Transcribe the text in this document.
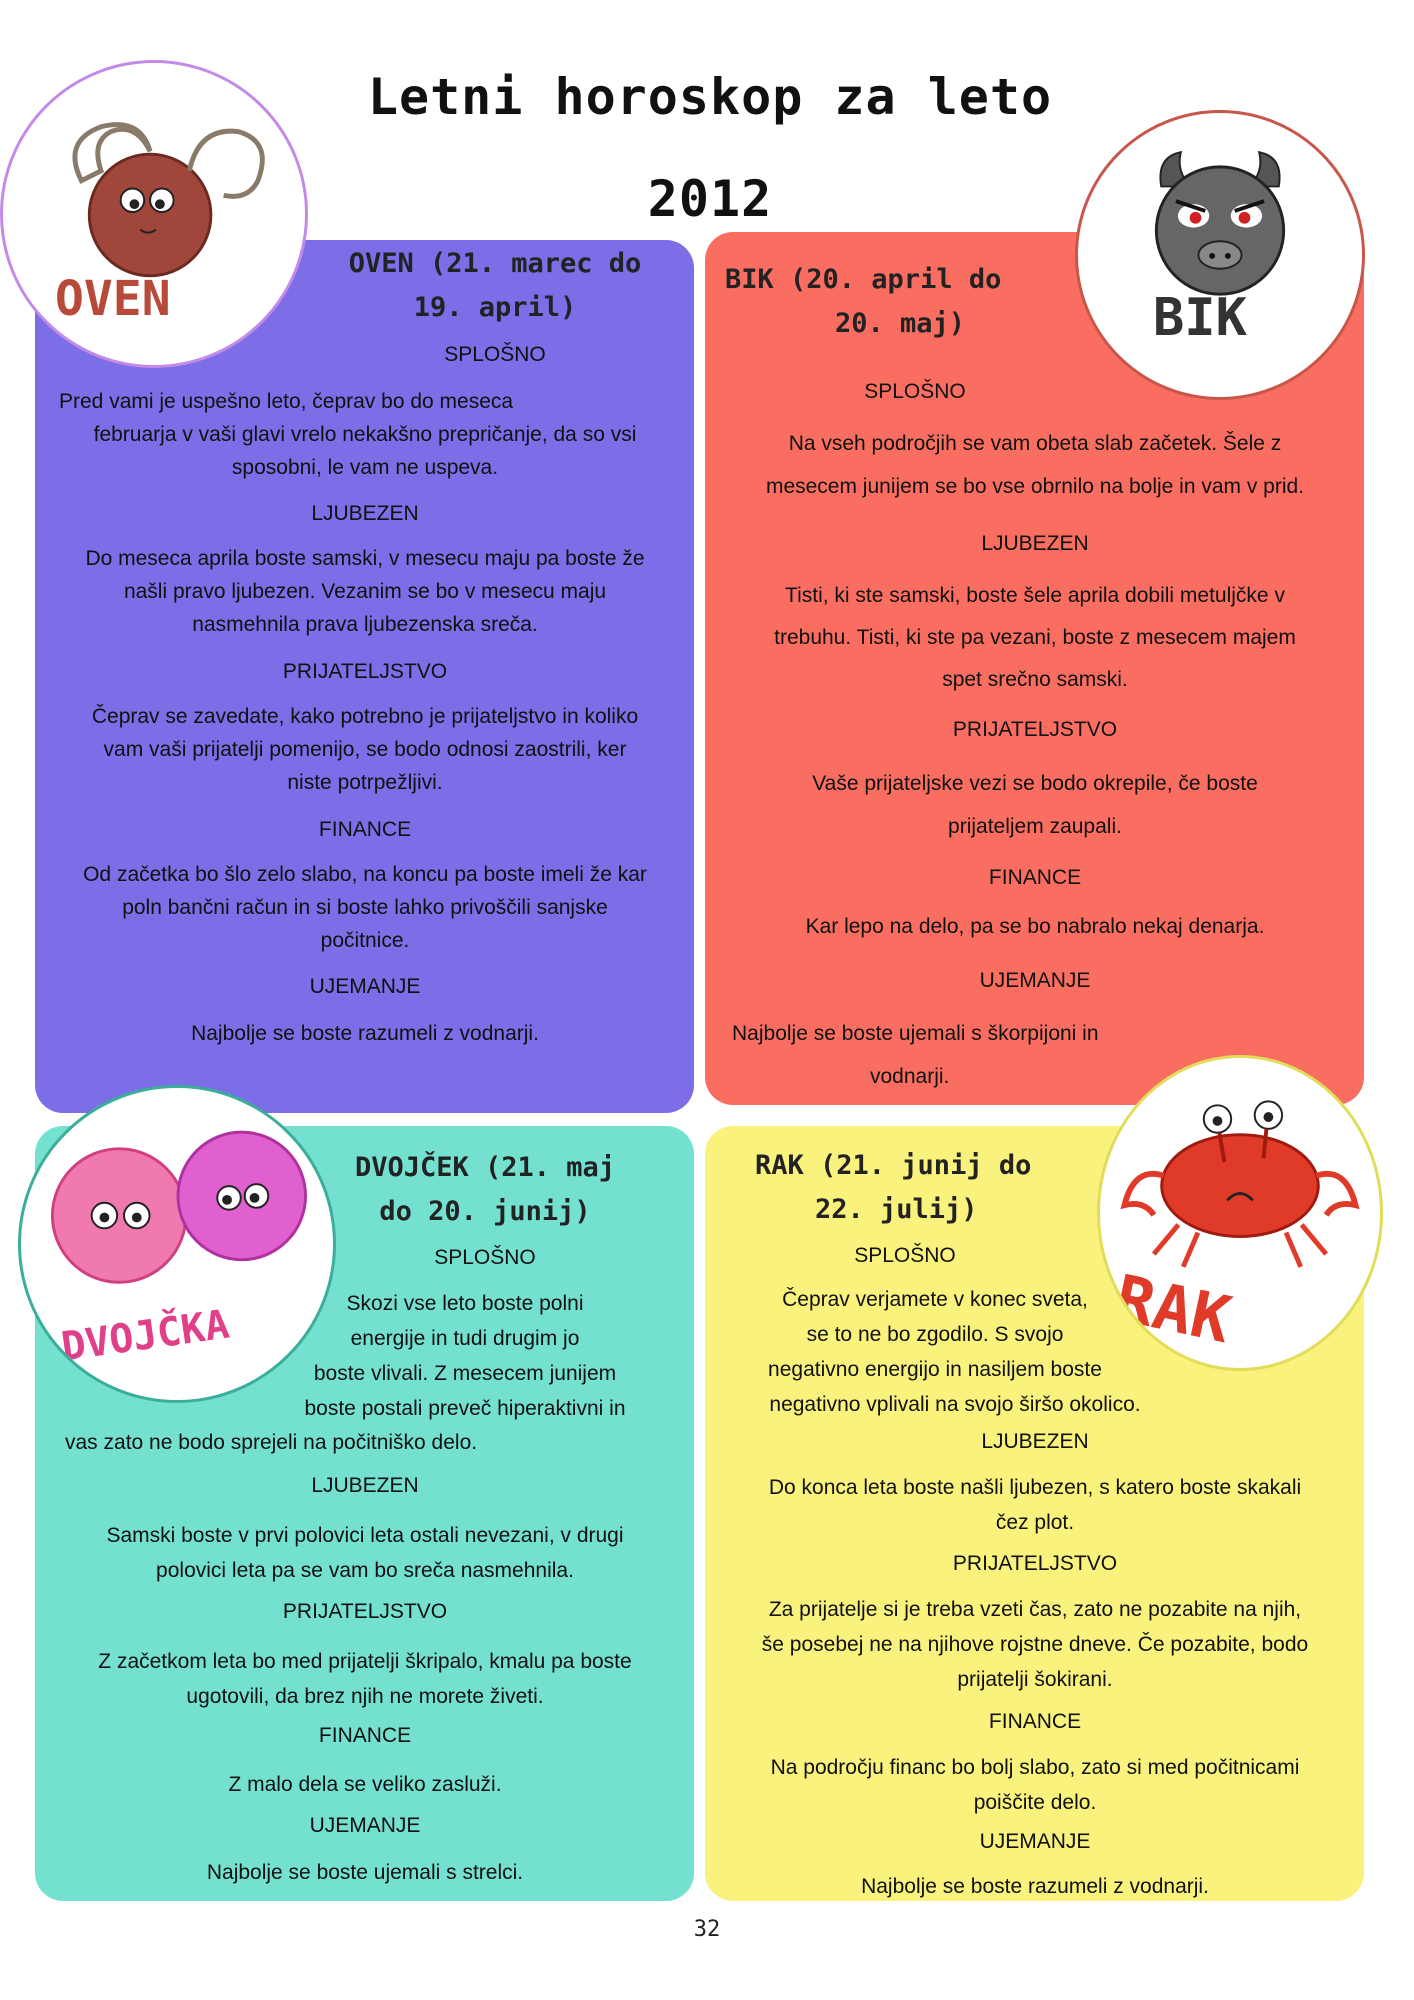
Letni horoskop za leto
2012
OVEN (21. marec do
19. april)
SPLOŠNO
Pred vami je uspešno leto, čeprav bo do meseca
februarja v vaši glavi vrelo nekakšno prepričanje, da so vsi
sposobni, le vam ne uspeva.
LJUBEZEN
Do meseca aprila boste samski, v mesecu maju pa boste že
našli pravo ljubezen. Vezanim se bo v mesecu maju
nasmehnila prava ljubezenska sreča.
PRIJATELJSTVO
Čeprav se zavedate, kako potrebno je prijateljstvo in koliko
vam vaši prijatelji pomenijo, se bodo odnosi zaostrili, ker
niste potrpežljivi.
FINANCE
Od začetka bo šlo zelo slabo, na koncu pa boste imeli že kar
poln bančni račun in si boste lahko privoščili sanjske
počitnice.
UJEMANJE
Najbolje se boste razumeli z vodnarji.
BIK (20. april do
20. maj)
SPLOŠNO
Na vseh področjih se vam obeta slab začetek. Šele z
mesecem junijem se bo vse obrnilo na bolje in vam v prid.
LJUBEZEN
Tisti, ki ste samski, boste šele aprila dobili metuljčke v
trebuhu. Tisti, ki ste pa vezani, boste z mesecem majem
spet srečno samski.
PRIJATELJSTVO
Vaše prijateljske vezi se bodo okrepile, če boste
prijateljem zaupali.
FINANCE
Kar lepo na delo, pa se bo nabralo nekaj denarja.
UJEMANJE
Najbolje se boste ujemali s škorpijoni in
vodnarji.
DVOJČEK (21. maj
do 20. junij)
SPLOŠNO
Skozi vse leto boste polni
energije in tudi drugim jo
boste vlivali. Z mesecem junijem
boste postali preveč hiperaktivni in
vas zato ne bodo sprejeli na počitniško delo.
LJUBEZEN
Samski boste v prvi polovici leta ostali nevezani, v drugi
polovici leta pa se vam bo sreča nasmehnila.
PRIJATELJSTVO
Z začetkom leta bo med prijatelji škripalo, kmalu pa boste
ugotovili, da brez njih ne morete živeti.
FINANCE
Z malo dela se veliko zasluži.
UJEMANJE
Najbolje se boste ujemali s strelci.
RAK (21. junij do
22. julij)
SPLOŠNO
Čeprav verjamete v konec sveta,
se to ne bo zgodilo. S svojo
negativno energijo in nasiljem boste
negativno vplivali na svojo širšo okolico.
LJUBEZEN
Do konca leta boste našli ljubezen, s katero boste skakali
čez plot.
PRIJATELJSTVO
Za prijatelje si je treba vzeti čas, zato ne pozabite na njih,
še posebej ne na njihove rojstne dneve. Če pozabite, bodo
prijatelji šokirani.
FINANCE
Na področju financ bo bolj slabo, zato si med počitnicami
poiščite delo.
UJEMANJE
Najbolje se boste razumeli z vodnarji.
OVEN	BIK
DVOJČKA	RAK
32
